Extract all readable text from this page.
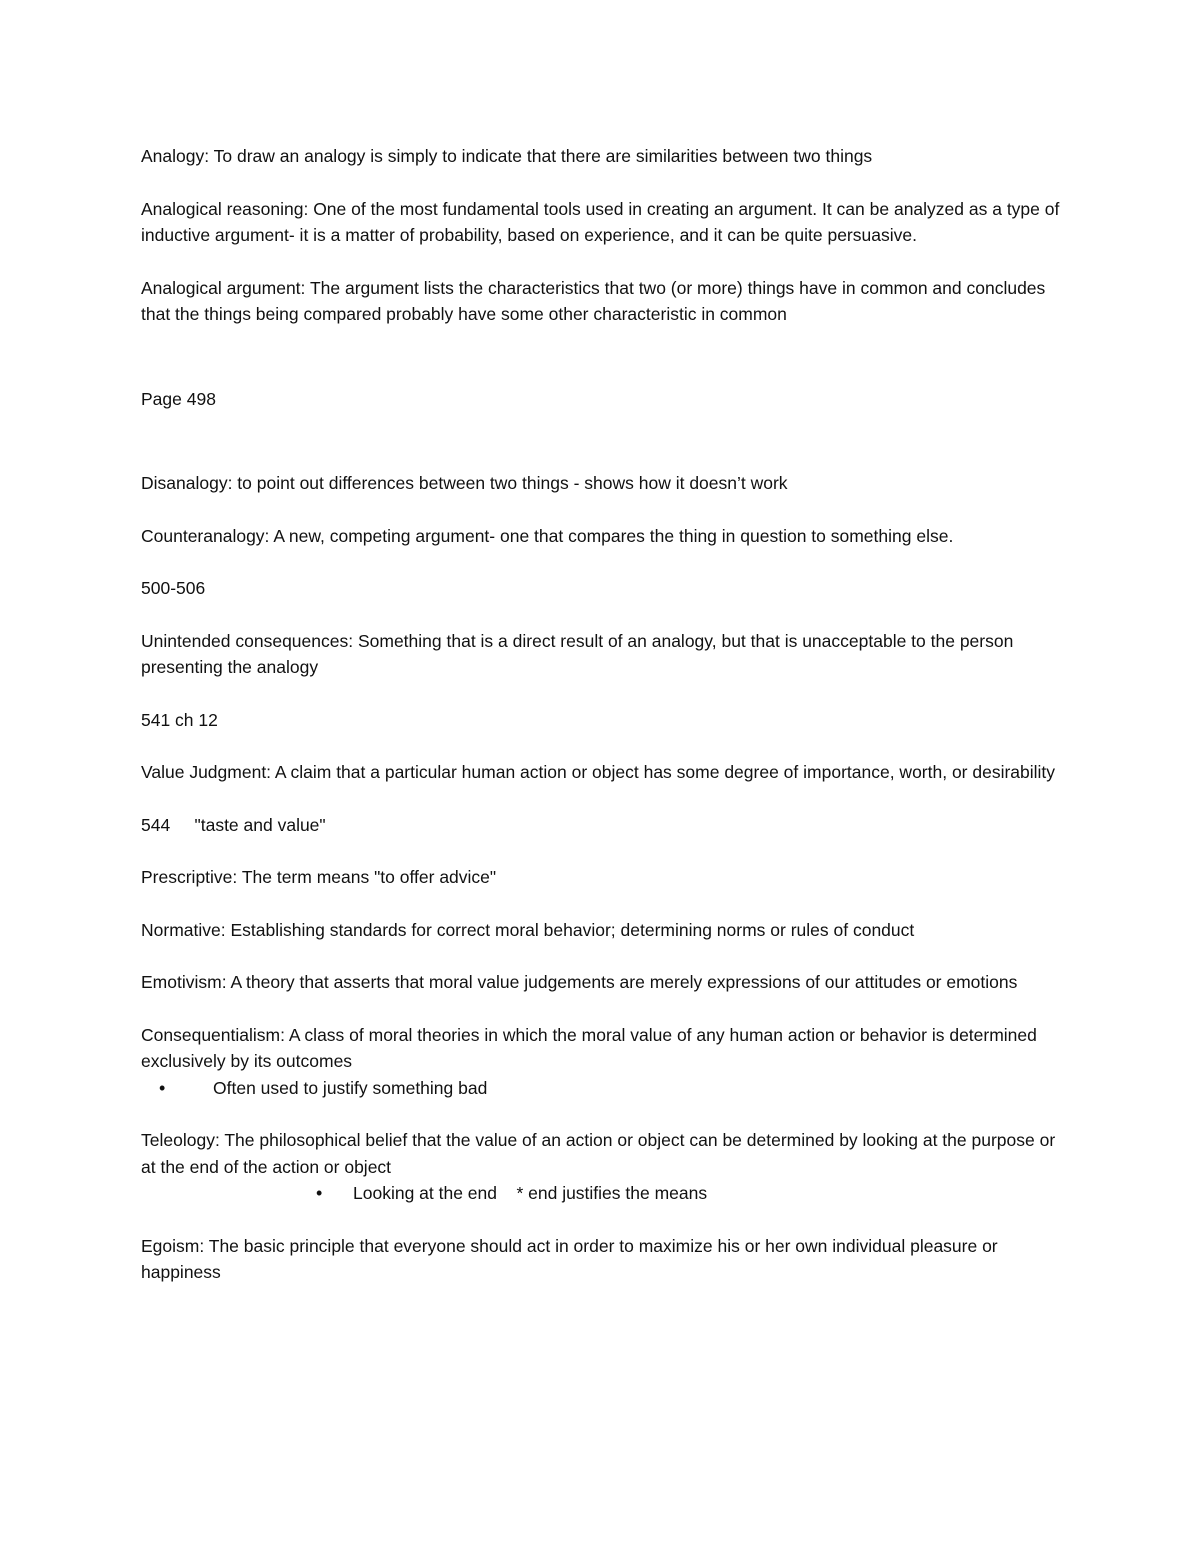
Analogy: To draw an analogy is simply to indicate that there are similarities between two things

Analogical reasoning: One of the most fundamental tools used in creating an argument. It can be analyzed as a type of inductive argument- it is a matter of probability, based on experience, and it can be quite persuasive.

Analogical argument: The argument lists the characteristics that two (or more) things have in common and concludes that the things being compared probably have some other characteristic in common

Page 498

Disanalogy: to point out differences between two things - shows how it doesn’t work

Counteranalogy: A new, competing argument- one that compares the thing in question to something else.

500-506

Unintended consequences: Something that is a direct result of an analogy, but that is unacceptable to the person presenting the analogy

541 ch 12

Value Judgment: A claim that a particular human action or object has some degree of importance, worth, or desirability

544     "taste and value"

Prescriptive: The term means "to offer advice"

Normative: Establishing standards for correct moral behavior; determining norms or rules of conduct

Emotivism: A theory that asserts that moral value judgements are merely expressions of our attitudes or emotions

Consequentialism: A class of moral theories in which the moral value of any human action or behavior is determined exclusively by its outcomes

•	Often used to justify something bad

Teleology: The philosophical belief that the value of an action or object can be determined by looking at the purpose or at the end of the action or object

• Looking at the end    * end justifies the means

Egoism: The basic principle that everyone should act in order to maximize his or her own individual pleasure or happiness
